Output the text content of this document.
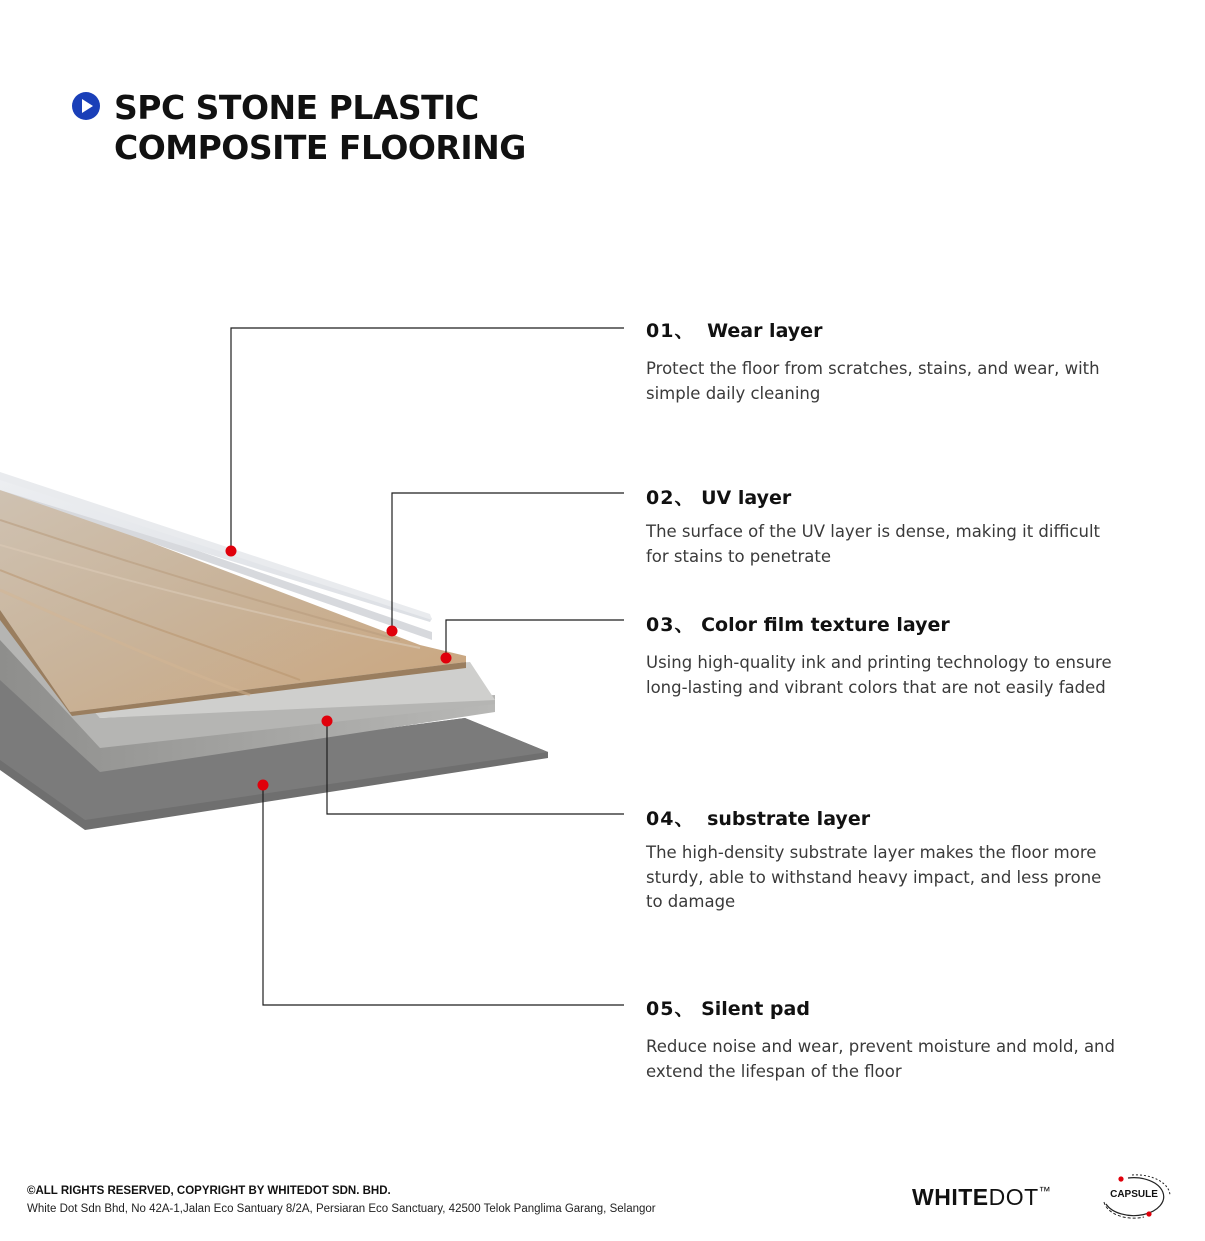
SPC STONE PLASTIC
COMPOSITE FLOORING
01、 Wear layer
Protect the floor from scratches, stains, and wear, with simple daily cleaning
02、 UV layer
The surface of the UV layer is dense, making it difficult for stains to penetrate
03、 Color film texture layer
Using high-quality ink and printing technology to ensure long-lasting and vibrant colors that are not easily faded
04、 substrate layer
The high-density substrate layer makes the floor more sturdy, able to withstand heavy impact, and less prone to damage
05、 Silent pad
Reduce noise and wear, prevent moisture and mold, and extend the lifespan of the floor
©ALL RIGHTS RESERVED, COPYRIGHT BY WHITEDOT SDN. BHD.
White Dot Sdn Bhd, No 42A-1,Jalan Eco Santuary 8/2A, Persiaran Eco Sanctuary, 42500 Telok Panglima Garang, Selangor	WHITEDOT™	CAPSULE
